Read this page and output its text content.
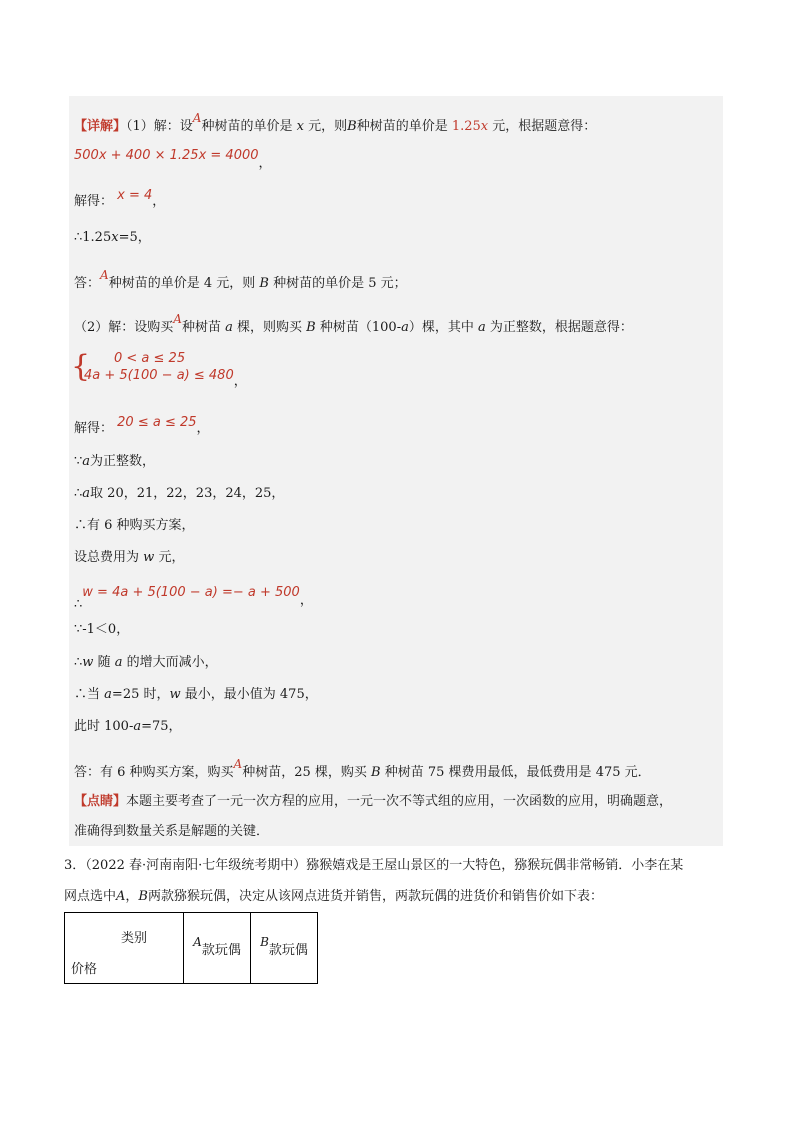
【详解】（1）解：设A种树苗的单价是 x 元，则B种树苗的单价是 1.25x 元，根据题意得：
500x + 400 × 1.25x = 4000，
解得： x = 4，
∴1.25x=5，
答：A种树苗的单价是 4 元，则 B 种树苗的单价是 5 元；
（2）解：设购买A种树苗 a 棵，则购买 B 种树苗（100-a）棵，其中 a 为正整数，根据题意得：
{ 0 < a ≤ 25
4a + 5(100 − a) ≤ 480，
解得： 20 ≤ a ≤ 25，
∵a为正整数，
∴a取 20，21，22，23，24，25，
∴有 6 种购买方案，
设总费用为 w 元，
∴w = 4a + 5(100 − a) =− a + 500，
∵-1＜0，
∴w 随 a 的增大而减小，
∴当 a=25 时，w 最小，最小值为 475，
此时 100-a=75，
答：有 6 种购买方案，购买A种树苗，25 棵，购买 B 种树苗 75 棵费用最低，最低费用是 475 元．
【点睛】本题主要考查了一元一次方程的应用，一元一次不等式组的应用，一次函数的应用，明确题意，
准确得到数量关系是解题的关键．
3．（2022 春·河南南阳·七年级统考期中）猕猴嬉戏是王屋山景区的一大特色，猕猴玩偶非常畅销．小李在某
网点选中A，B两款猕猴玩偶，决定从该网点进货并销售，两款玩偶的进货价和销售价如下表：
类别
价格
	A款玩偶	B款玩偶
